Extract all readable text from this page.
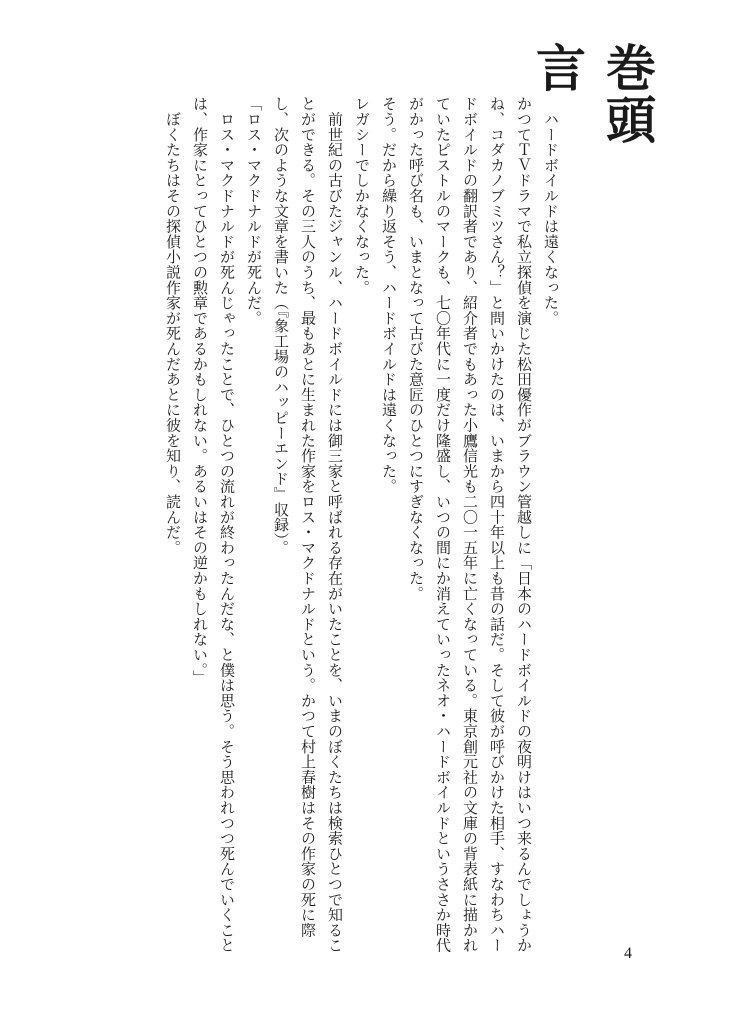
巻頭言

　ハードボイルドは遠くなった。

かつてＴＶドラマで私立探偵を演じた松田優作がブラウン管越しに「日本のハードボイルドの夜明けはいつ来るんでしょうかね、コダカノブミツさん？」と問いかけたのは、いまから四十年以上も昔の話だ。そして彼が呼びかけた相手、すなわちハードボイルドの翻訳者であり、紹介者でもあった小鷹信光も二〇一五年に亡くなっている。東京創元社の文庫の背表紙に描かれていたピストルのマークも、七〇年代に一度だけ隆盛し、いつの間にか消えていったネオ・ハードボイルドというささか時代がかった呼び名も、いまとなって古びた意匠のひとつにすぎなくなった。

そう。だから繰り返そう、ハードボイルドは遠くなった。

レガシーでしかなくなった。

　前世紀の古びたジャンル、ハードボイルドには御三家と呼ばれる存在がいたことを、いまのぼくたちは検索ひとつで知ることができる。その三人のうち、最もあとに生まれた作家をロス・マクドナルドという。かつて村上春樹はその作家の死に際し、次のような文章を書いた（『象工場のハッピーエンド』収録）。

「ロス・マクドナルドが死んだ。

　ロス・マクドナルドが死んじゃったことで、ひとつの流れが終わったんだな、と僕は思う。そう思われつつ死んでいくことは、作家にとってひとつの勲章であるかもしれない。あるいはその逆かもしれない。」

　ぼくたちはその探偵小説作家が死んだあとに彼を知り、読んだ。

4
